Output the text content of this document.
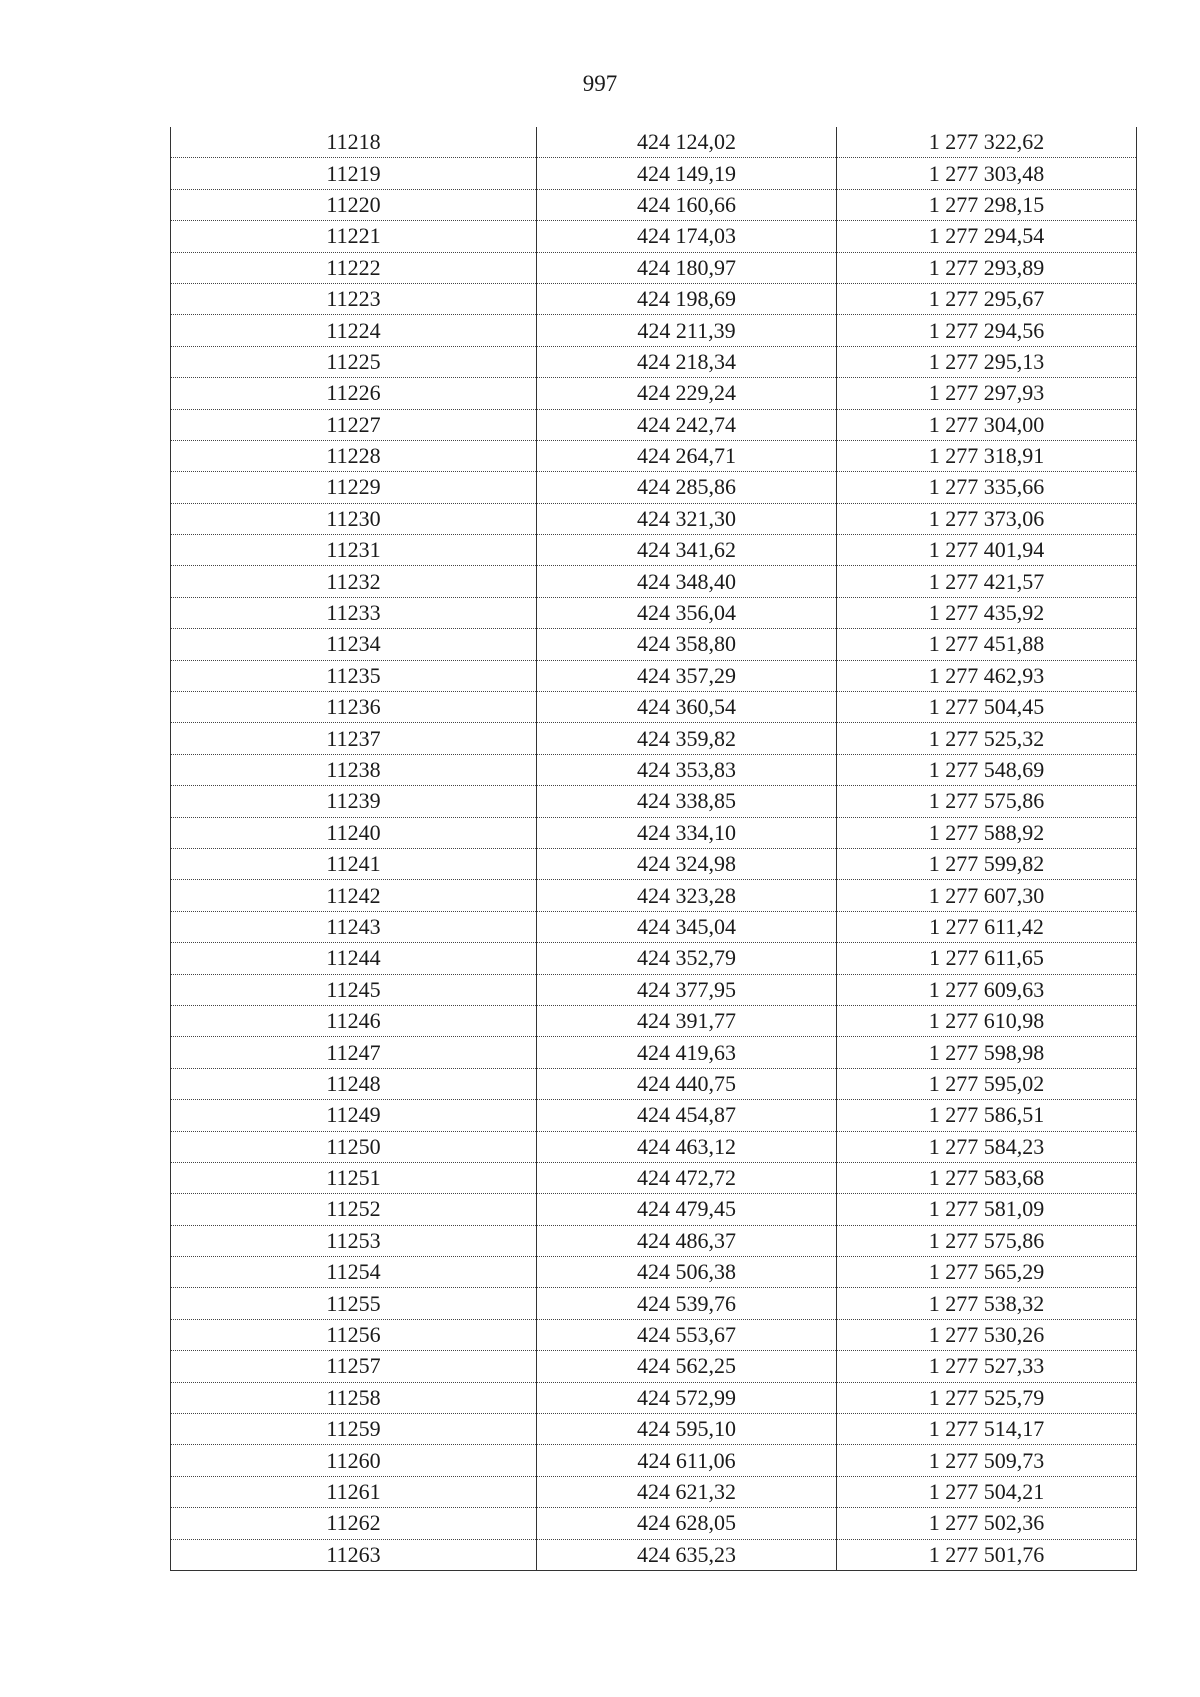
997
11218	424 124,02	1 277 322,62
11219	424 149,19	1 277 303,48
11220	424 160,66	1 277 298,15
11221	424 174,03	1 277 294,54
11222	424 180,97	1 277 293,89
11223	424 198,69	1 277 295,67
11224	424 211,39	1 277 294,56
11225	424 218,34	1 277 295,13
11226	424 229,24	1 277 297,93
11227	424 242,74	1 277 304,00
11228	424 264,71	1 277 318,91
11229	424 285,86	1 277 335,66
11230	424 321,30	1 277 373,06
11231	424 341,62	1 277 401,94
11232	424 348,40	1 277 421,57
11233	424 356,04	1 277 435,92
11234	424 358,80	1 277 451,88
11235	424 357,29	1 277 462,93
11236	424 360,54	1 277 504,45
11237	424 359,82	1 277 525,32
11238	424 353,83	1 277 548,69
11239	424 338,85	1 277 575,86
11240	424 334,10	1 277 588,92
11241	424 324,98	1 277 599,82
11242	424 323,28	1 277 607,30
11243	424 345,04	1 277 611,42
11244	424 352,79	1 277 611,65
11245	424 377,95	1 277 609,63
11246	424 391,77	1 277 610,98
11247	424 419,63	1 277 598,98
11248	424 440,75	1 277 595,02
11249	424 454,87	1 277 586,51
11250	424 463,12	1 277 584,23
11251	424 472,72	1 277 583,68
11252	424 479,45	1 277 581,09
11253	424 486,37	1 277 575,86
11254	424 506,38	1 277 565,29
11255	424 539,76	1 277 538,32
11256	424 553,67	1 277 530,26
11257	424 562,25	1 277 527,33
11258	424 572,99	1 277 525,79
11259	424 595,10	1 277 514,17
11260	424 611,06	1 277 509,73
11261	424 621,32	1 277 504,21
11262	424 628,05	1 277 502,36
11263	424 635,23	1 277 501,76
